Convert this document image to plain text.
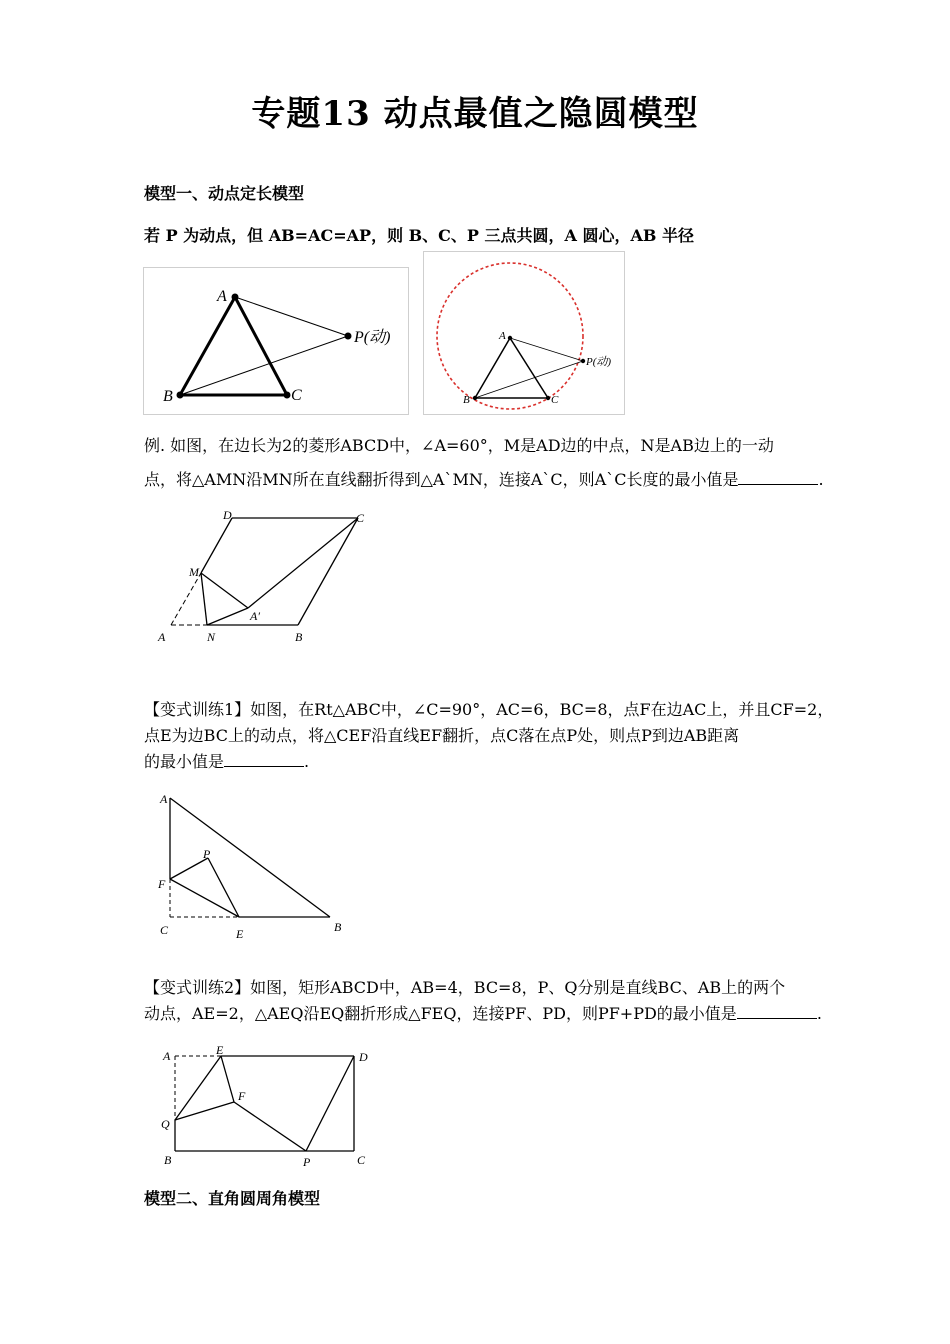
专题13 动点最值之隐圆模型
模型一、动点定长模型
若 P 为动点，但 AB=AC=AP，则 B、C、P 三点共圆，A 圆心，AB 半径
A
B	C
P(动)	A
B	C
P(动)
例. 如图，在边长为2的菱形ABCD中，∠A=60°，M是AD边的中点，N是AB边上的一动
点，将△AMN沿MN所在直线翻折得到△A`MN，连接A`C，则A`C长度的最小值是	.
A	N	B
D	C
M
A′
【变式训练1】如图，在Rt△ABC中，∠C=90°，AC=6，BC=8，点F在边AC上，并且CF=2，
点E为边BC上的动点，将△CEF沿直线EF翻折，点C落在点P处，则点P到边AB距离
的最小值是	.
A
F
C	E	B
P
【变式训练2】如图，矩形ABCD中，AB=4，BC=8，P、Q分别是直线BC、AB上的两个
动点，AE=2，△AEQ沿EQ翻折形成△FEQ，连接PF、PD，则PF+PD的最小值是	.
A	E	D
F
Q
B	P	C
模型二、直角圆周角模型
